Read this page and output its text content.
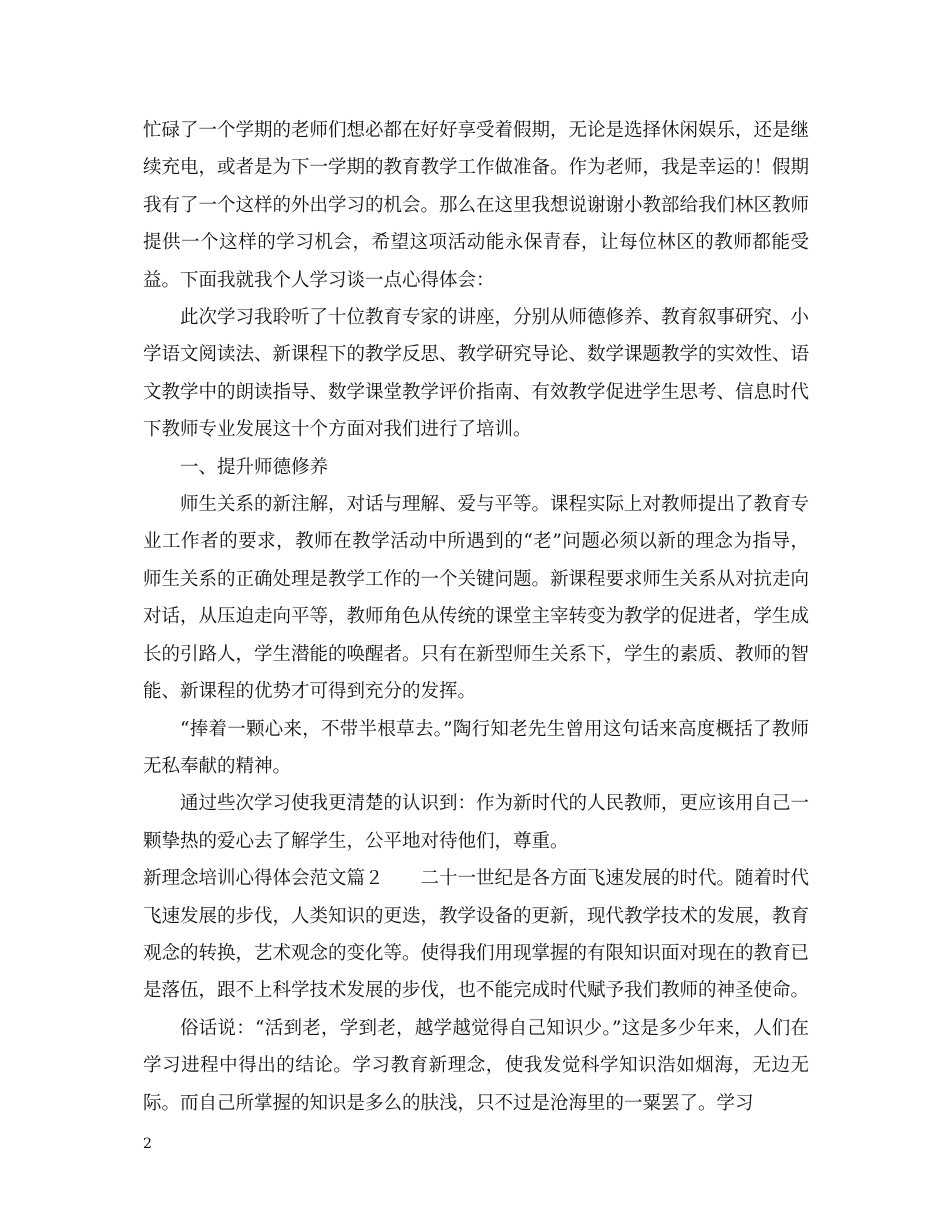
忙碌了一个学期的老师们想必都在好好享受着假期，无论是选择休闲娱乐，还是继续充电，或者是为下一学期的教育教学工作做准备。作为老师，我是幸运的！假期我有了一个这样的外出学习的机会。那么在这里我想说谢谢小教部给我们林区教师提供一个这样的学习机会，希望这项活动能永保青春，让每位林区的教师都能受益。下面我就我个人学习谈一点心得体会：

此次学习我聆听了十位教育专家的讲座，分别从师德修养、教育叙事研究、小学语文阅读法、新课程下的教学反思、教学研究导论、数学课题教学的实效性、语文教学中的朗读指导、数学课堂教学评价指南、有效教学促进学生思考、信息时代下教师专业发展这十个方面对我们进行了培训。

一、提升师德修养

师生关系的新注解，对话与理解、爱与平等。课程实际上对教师提出了教育专业工作者的要求，教师在教学活动中所遇到的“老”问题必须以新的理念为指导，师生关系的正确处理是教学工作的一个关键问题。新课程要求师生关系从对抗走向对话，从压迫走向平等，教师角色从传统的课堂主宰转变为教学的促进者，学生成长的引路人，学生潜能的唤醒者。只有在新型师生关系下，学生的素质、教师的智能、新课程的优势才可得到充分的发挥。

“捧着一颗心来，不带半根草去。”陶行知老先生曾用这句话来高度概括了教师无私奉献的精神。

通过些次学习使我更清楚的认识到：作为新时代的人民教师，更应该用自己一颗挚热的爱心去了解学生，公平地对待他们，尊重。

新理念培训心得体会范文篇２　　二十一世纪是各方面飞速发展的时代。随着时代飞速发展的步伐，人类知识的更迭，教学设备的更新，现代教学技术的发展，教育观念的转换，艺术观念的变化等。使得我们用现掌握的有限知识面对现在的教育已是落伍，跟不上科学技术发展的步伐，也不能完成时代赋予我们教师的神圣使命。

俗话说：“活到老，学到老，越学越觉得自己知识少。”这是多少年来，人们在学习进程中得出的结论。学习教育新理念，使我发觉科学知识浩如烟海，无边无际。而自己所掌握的知识是多么的肤浅，只不过是沧海里的一粟罢了。学习

2
